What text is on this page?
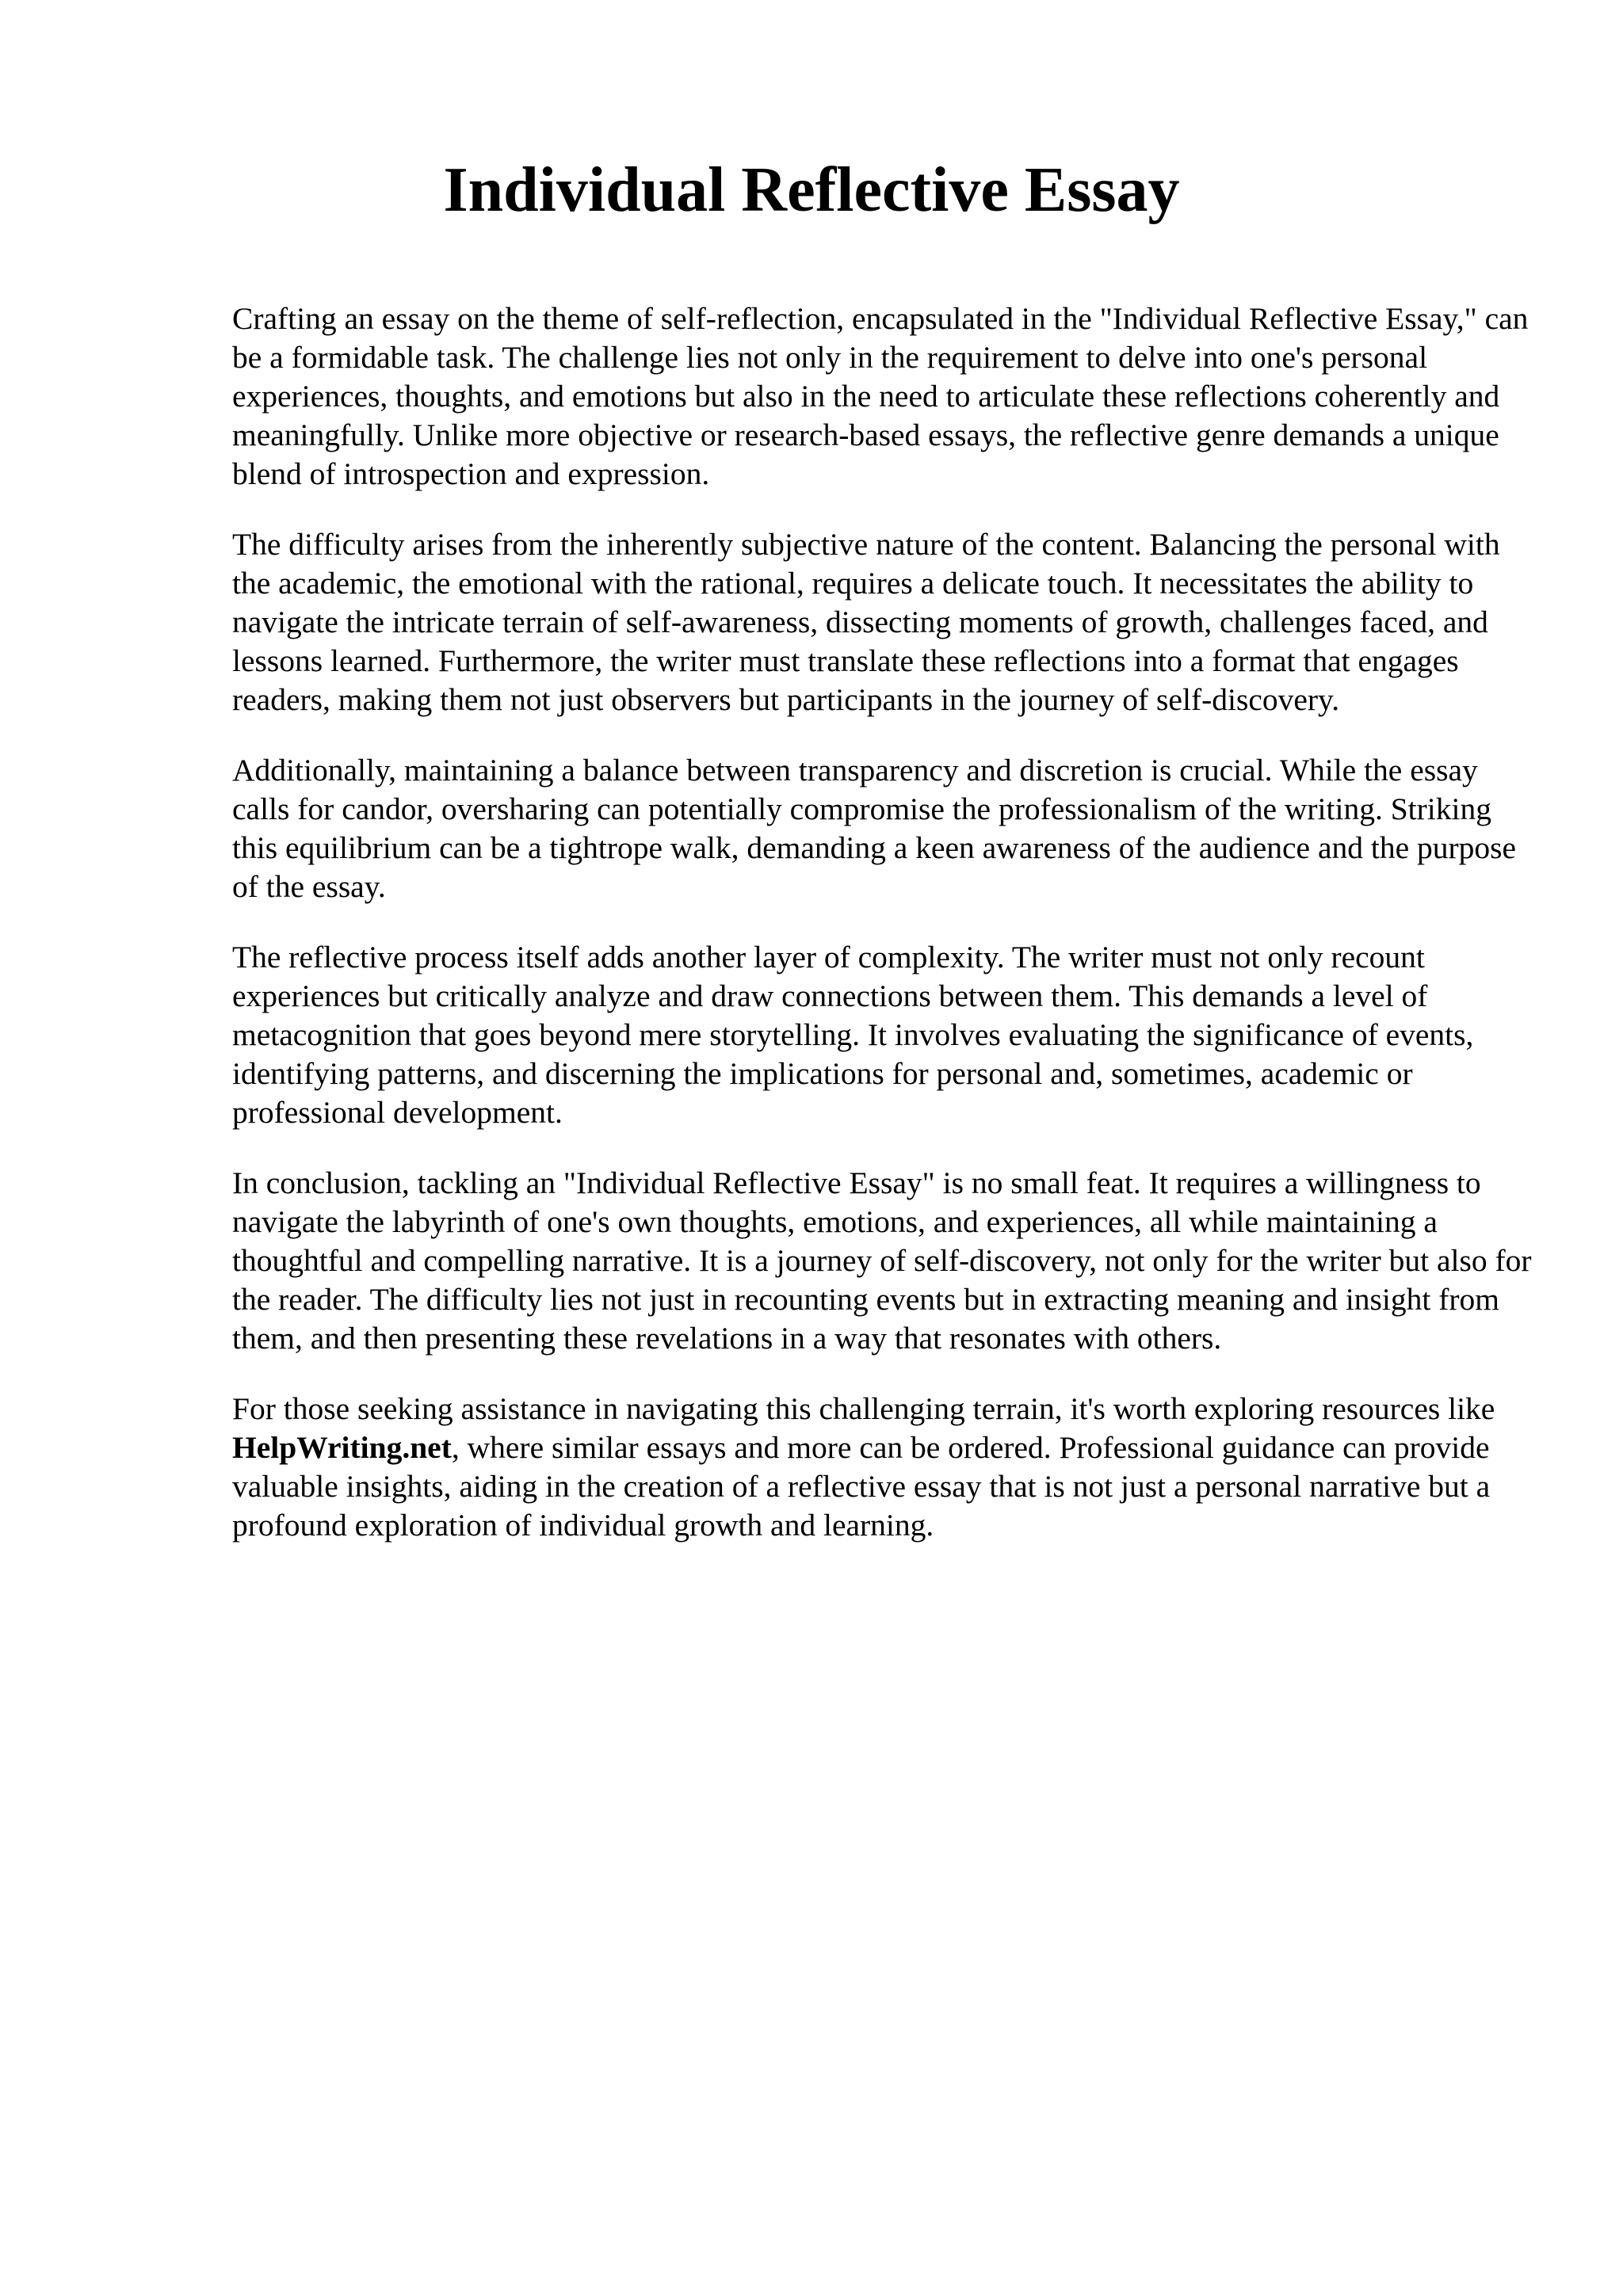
Individual Reflective Essay

Crafting an essay on the theme of self-reflection, encapsulated in the "Individual Reflective Essay," can be a formidable task. The challenge lies not only in the requirement to delve into one's personal experiences, thoughts, and emotions but also in the need to articulate these reflections coherently and meaningfully. Unlike more objective or research-based essays, the reflective genre demands a unique blend of introspection and expression.

The difficulty arises from the inherently subjective nature of the content. Balancing the personal with the academic, the emotional with the rational, requires a delicate touch. It necessitates the ability to navigate the intricate terrain of self-awareness, dissecting moments of growth, challenges faced, and lessons learned. Furthermore, the writer must translate these reflections into a format that engages readers, making them not just observers but participants in the journey of self-discovery.

Additionally, maintaining a balance between transparency and discretion is crucial. While the essay calls for candor, oversharing can potentially compromise the professionalism of the writing. Striking this equilibrium can be a tightrope walk, demanding a keen awareness of the audience and the purpose of the essay.

The reflective process itself adds another layer of complexity. The writer must not only recount experiences but critically analyze and draw connections between them. This demands a level of metacognition that goes beyond mere storytelling. It involves evaluating the significance of events, identifying patterns, and discerning the implications for personal and, sometimes, academic or professional development.

In conclusion, tackling an "Individual Reflective Essay" is no small feat. It requires a willingness to navigate the labyrinth of one's own thoughts, emotions, and experiences, all while maintaining a thoughtful and compelling narrative. It is a journey of self-discovery, not only for the writer but also for the reader. The difficulty lies not just in recounting events but in extracting meaning and insight from them, and then presenting these revelations in a way that resonates with others.

For those seeking assistance in navigating this challenging terrain, it's worth exploring resources like HelpWriting.net, where similar essays and more can be ordered. Professional guidance can provide valuable insights, aiding in the creation of a reflective essay that is not just a personal narrative but a profound exploration of individual growth and learning.
